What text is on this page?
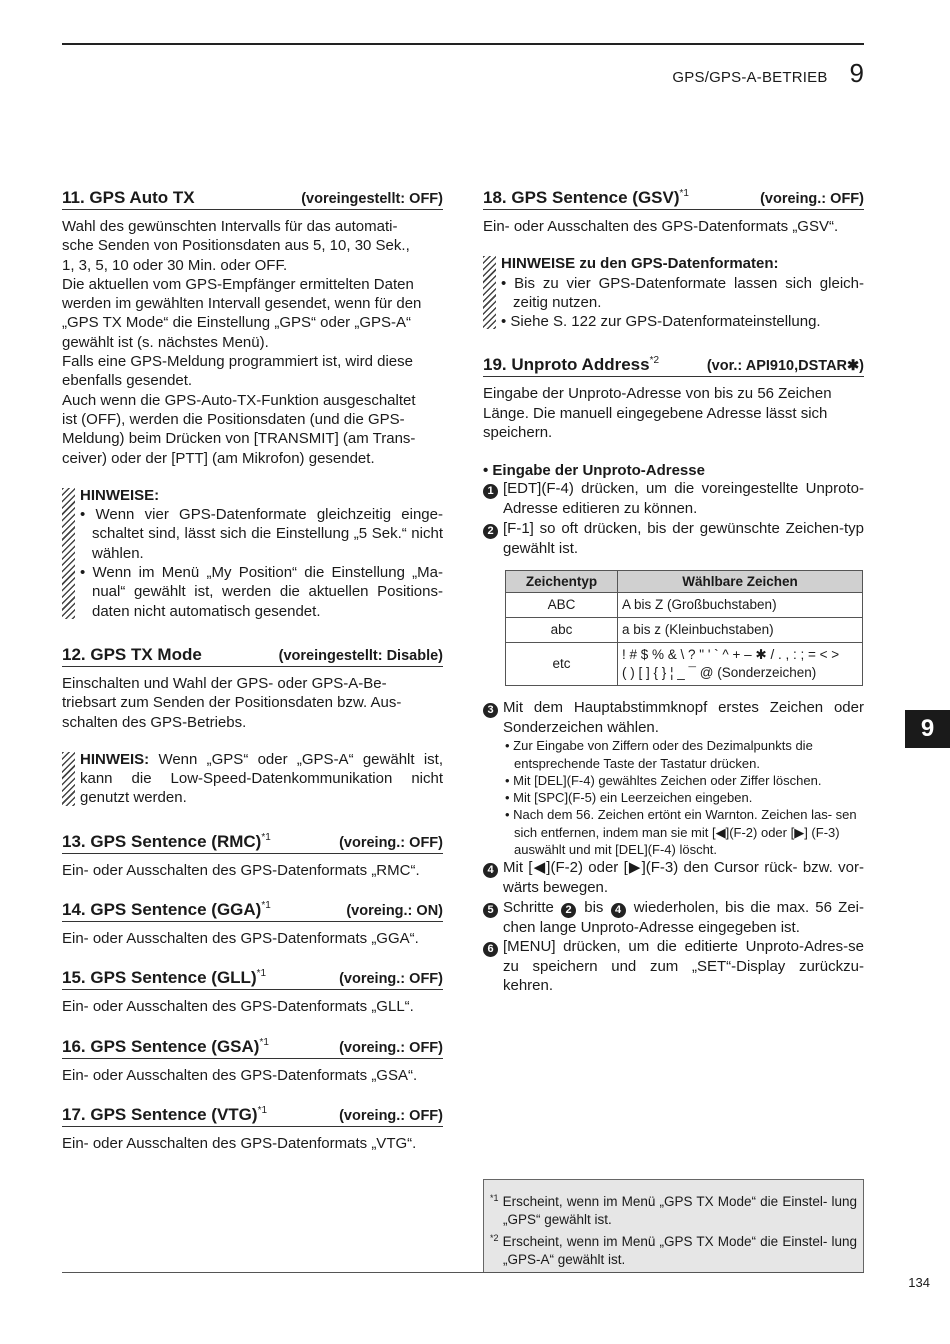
GPS/GPS-A-BETRIEB 9
9
11. GPS Auto TX	(voreingestellt: OFF)
Wahl des gewünschten Intervalls für das automati-
sche Senden von Positionsdaten aus 5, 10, 30 Sek.,
1, 3, 5, 10 oder 30 Min. oder OFF.
Die aktuellen vom GPS-Empfänger ermittelten Daten
werden im gewählten Intervall gesendet, wenn für den
„GPS TX Mode“ die Einstellung „GPS“ oder „GPS-A“
gewählt ist (s. nächstes Menü).
Falls eine GPS-Meldung programmiert ist, wird diese
ebenfalls gesendet.
Auch wenn die GPS-Auto-TX-Funktion ausgeschaltet
ist (OFF), werden die Positionsdaten (und die GPS-
Meldung) beim Drücken von [TRANSMIT] (am Trans-
ceiver) oder der [PTT] (am Mikrofon) gesendet.
HINWEISE:
• Wenn vier GPS-Datenformate gleichzeitig einge- schaltet sind, lässt sich die Einstellung „5 Sek.“ nicht wählen.
• Wenn im Menü „My Position“ die Einstellung „Ma- nual“ gewählt ist, werden die aktuellen Positions- daten nicht automatisch gesendet.
12. GPS TX Mode	(voreingestellt: Disable)
Einschalten und Wahl der GPS- oder GPS-A-Be-
triebsart zum Senden der Positionsdaten bzw. Aus-
schalten des GPS-Betriebs.
HINWEIS: Wenn „GPS“ oder „GPS-A“ gewählt ist, kann die Low-Speed-Datenkommunikation nicht genutzt werden.
13. GPS Sentence (RMC)$^{*1}$	(voreing.: OFF)
Ein- oder Ausschalten des GPS-Datenformats „RMC“.
14. GPS Sentence (GGA)$^{*1}$	(voreing.: ON)
Ein- oder Ausschalten des GPS-Datenformats „GGA“.
15. GPS Sentence (GLL)$^{*1}$	(voreing.: OFF)
Ein- oder Ausschalten des GPS-Datenformats „GLL“.
16. GPS Sentence (GSA)$^{*1}$	(voreing.: OFF)
Ein- oder Ausschalten des GPS-Datenformats „GSA“.
17. GPS Sentence (VTG)$^{*1}$	(voreing.: OFF)
Ein- oder Ausschalten des GPS-Datenformats „VTG“.
18. GPS Sentence (GSV)$^{*1}$	(voreing.: OFF)
Ein- oder Ausschalten des GPS-Datenformats „GSV“.
HINWEISE zu den GPS-Datenformaten:
• Bis zu vier GPS-Datenformate lassen sich gleich- zeitig nutzen.
• Siehe S. 122 zur GPS-Datenformateinstellung.
19. Unproto Address$^{*2}$	(vor.: API910,DSTAR✱)
Eingabe der Unproto-Adresse von bis zu 56 Zeichen
Länge. Die manuell eingegebene Adresse lässt sich
speichern.
• Eingabe der Unproto-Adresse
1 [EDT](F-4) drücken, um die voreingestellte Unproto-Adresse editieren zu können.
2 [F-1] so oft drücken, bis der gewünschte Zeichen-typ gewählt ist.
Zeichentyp	Wählbare Zeichen
ABC	A bis Z (Großbuchstaben)
abc	a bis z (Kleinbuchstaben)
etc	! # $ % & \ ? " ' ` ^ + – ✱ / . , : ; = < >
( ) [ ] { } ¦ _ ¯ @ (Sonderzeichen)
3 Mit dem Hauptabstimmknopf erstes Zeichen oder Sonderzeichen wählen.
• Zur Eingabe von Ziffern oder des Dezimalpunkts die entsprechende Taste der Tastatur drücken.
• Mit [DEL](F-4) gewähltes Zeichen oder Ziffer löschen.
• Mit [SPC](F-5) ein Leerzeichen eingeben.
• Nach dem 56. Zeichen ertönt ein Warnton. Zeichen las- sen sich entfernen, indem man sie mit [◀](F-2) oder [▶] (F-3) auswählt und mit [DEL](F-4) löscht.
4 Mit [◀](F-2) oder [▶](F-3) den Cursor rück- bzw. vor-wärts bewegen.
5 Schritte 2 bis 4 wiederholen, bis die max. 56 Zei-chen lange Unproto-Adresse eingegeben ist.
6 [MENU] drücken, um die editierte Unproto-Adres-se zu speichern und zum „SET“-Display zurückzu-kehren.
$^{*1}$ Erscheint, wenn im Menü „GPS TX Mode“ die Einstel- lung „GPS“ gewählt ist.
$^{*2}$ Erscheint, wenn im Menü „GPS TX Mode“ die Einstel- lung „GPS-A“ gewählt ist.
134
